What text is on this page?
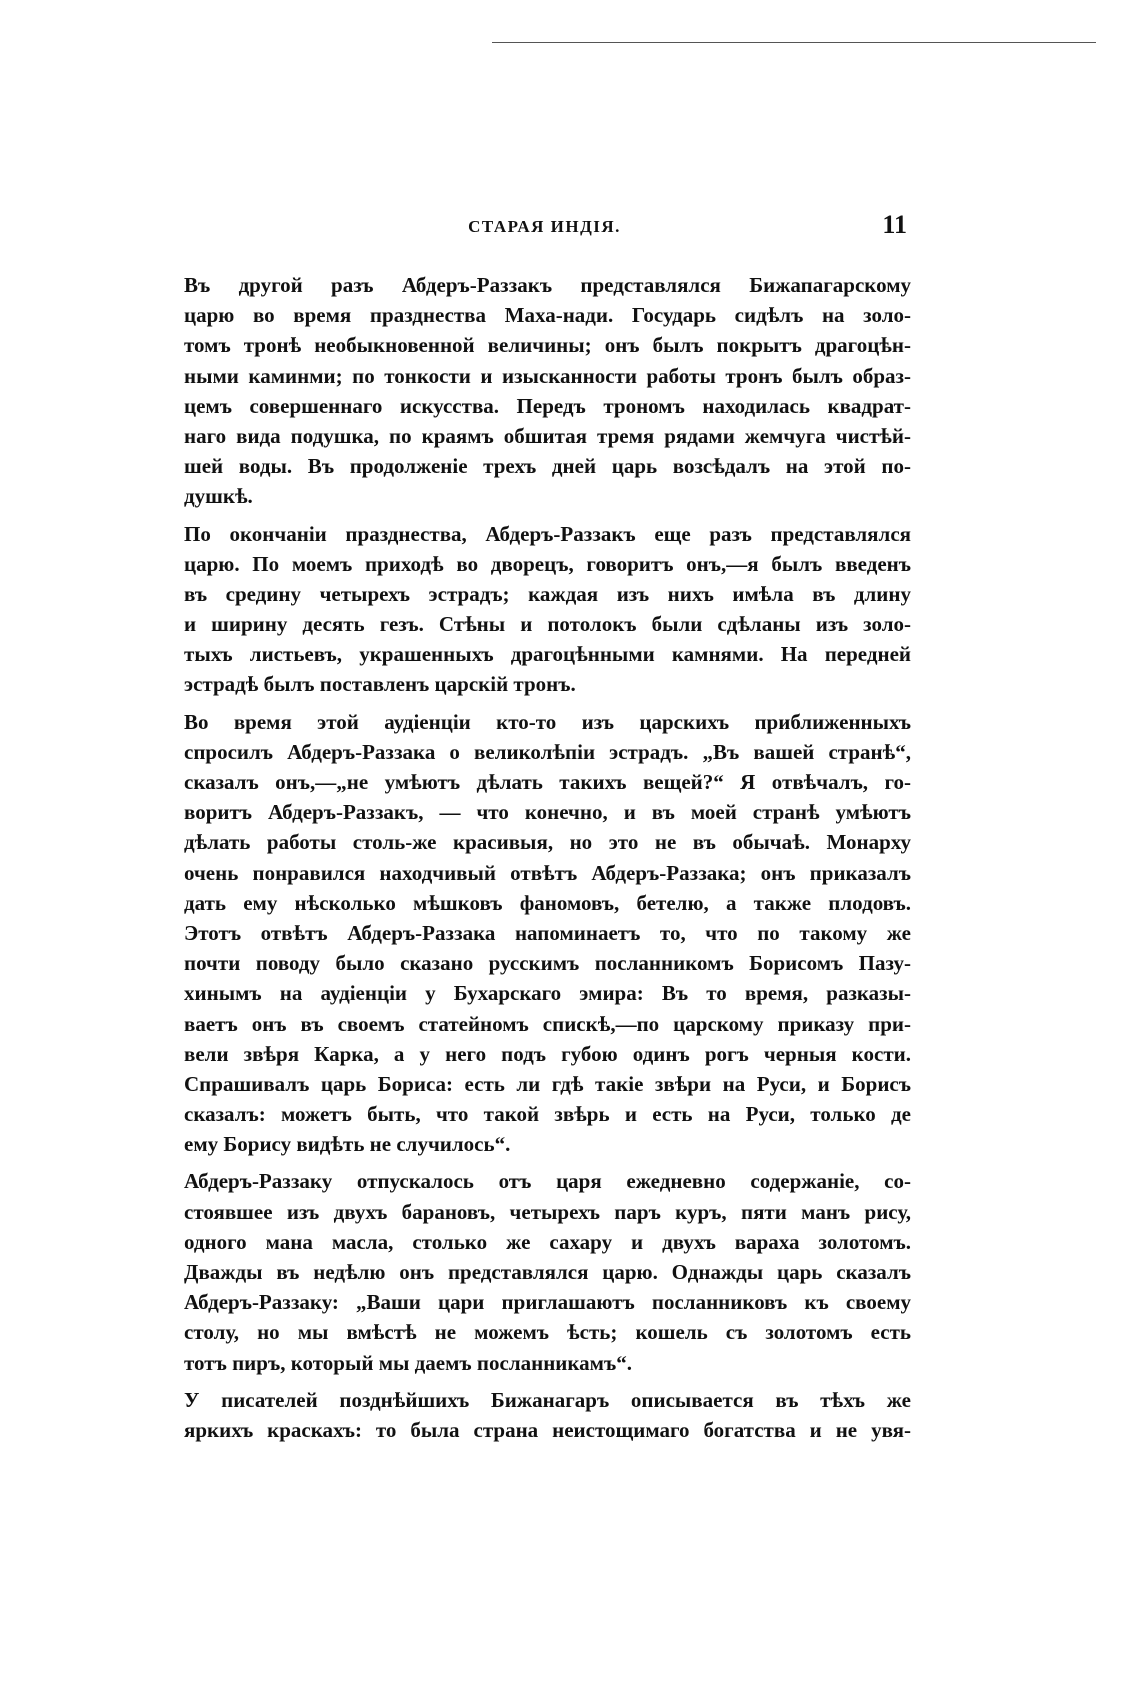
СТАРАЯ ИНДІЯ.	11
Въ другой разъ Абдеръ-Раззакъ представлялся Бижапагарскому
царю во время празднества Маха-нади. Государь сидѣлъ на золо-
томъ тронѣ необыкновенной величины; онъ былъ покрытъ драгоцѣн-
ными каминми; по тонкости и изысканности работы тронъ былъ образ-
цемъ совершеннаго искусства. Передъ трономъ находилась квадрат-
наго вида подушка, по краямъ обшитая тремя рядами жемчуга чистѣй-
шей воды. Въ продолженіе трехъ дней царь возсѣдалъ на этой по-
душкѣ.
По окончаніи празднества, Абдеръ-Раззакъ еще разъ представлялся
царю. По моемъ приходѣ во дворецъ, говоритъ онъ,—я былъ введенъ
въ средину четырехъ эстрадъ; каждая изъ нихъ имѣла въ длину
и ширину десять гезъ. Стѣны и потолокъ были сдѣланы изъ золо-
тыхъ листьевъ, украшенныхъ драгоцѣнными камнями. На передней
эстрадѣ былъ поставленъ царскій тронъ.
Во время этой аудіенціи кто-то изъ царскихъ приближенныхъ
спросилъ Абдеръ-Раззака о великолѣпіи эстрадъ. „Въ вашей странѣ“,
сказалъ онъ,—„не умѣютъ дѣлать такихъ вещей?“ Я отвѣчалъ, го-
воритъ Абдеръ-Раззакъ, — что конечно, и въ моей странѣ умѣютъ
дѣлать работы столь-же красивыя, но это не въ обычаѣ. Монарху
очень понравился находчивый отвѣтъ Абдеръ-Раззака; онъ приказалъ
дать ему нѣсколько мѣшковъ фаномовъ, бетелю, а также плодовъ.
Этотъ отвѣтъ Абдеръ-Раззака напоминаетъ то, что по такому же
почти поводу было сказано русскимъ посланникомъ Борисомъ Пазу-
хинымъ на аудіенціи у Бухарскаго эмира: Въ то время, разказы-
ваетъ онъ въ своемъ статейномъ спискѣ,—по царскому приказу при-
вели звѣря Карка, а у него подъ губою одинъ рогъ черныя кости.
Спрашивалъ царь Бориса: есть ли гдѣ такіе звѣри на Руси, и Борисъ
сказалъ: можетъ быть, что такой звѣрь и есть на Руси, только де
ему Борису видѣть не случилось“.
Абдеръ-Раззаку отпускалось отъ царя ежедневно содержаніе, со-
стоявшее изъ двухъ барановъ, четырехъ паръ куръ, пяти манъ рису,
одного мана масла, столько же сахару и двухъ вараха золотомъ.
Дважды въ недѣлю онъ представлялся царю. Однажды царь сказалъ
Абдеръ-Раззаку: „Ваши цари приглашаютъ посланниковъ къ своему
столу, но мы вмѣстѣ не можемъ ѣсть; кошель съ золотомъ есть
тотъ пиръ, который мы даемъ посланникамъ“.
У писателей позднѣйшихъ Бижанагаръ описывается въ тѣхъ же
яркихъ краскахъ: то была страна неистощимаго богатства и не увя-
